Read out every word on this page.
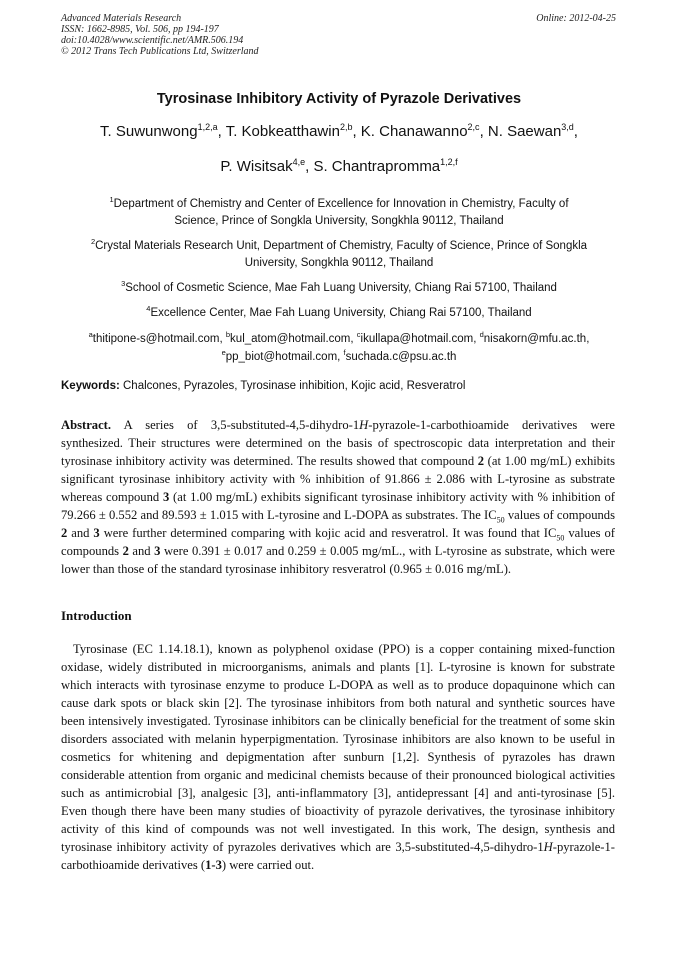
Advanced Materials Research
ISSN: 1662-8985, Vol. 506, pp 194-197
doi:10.4028/www.scientific.net/AMR.506.194
© 2012 Trans Tech Publications Ltd, Switzerland
Online: 2012-04-25
Tyrosinase Inhibitory Activity of Pyrazole Derivatives
T. Suwunwong$^{1,2,a}$, T. Kobkeatthawin$^{2,b}$, K. Chanawanno$^{2,c}$, N. Saewan$^{3,d}$,
P. Wisitsak$^{4,e}$, S. Chantrapromma$^{1,2,f}$
$^1$Department of Chemistry and Center of Excellence for Innovation in Chemistry, Faculty of
Science, Prince of Songkla University, Songkhla 90112, Thailand
$^2$Crystal Materials Research Unit, Department of Chemistry, Faculty of Science, Prince of Songkla
University, Songkhla 90112, Thailand
$^3$School of Cosmetic Science, Mae Fah Luang University, Chiang Rai 57100, Thailand
$^4$Excellence Center, Mae Fah Luang University, Chiang Rai 57100, Thailand
$^a$thitipone-s@hotmail.com, $^b$kul_atom@hotmail.com, $^c$ikullapa@hotmail.com, $^d$nisakorn@mfu.ac.th,
$^e$pp_biot@hotmail.com, $^f$suchada.c@psu.ac.th
Keywords: Chalcones, Pyrazoles, Tyrosinase inhibition, Kojic acid, Resveratrol
Abstract. A series of 3,5-substituted-4,5-dihydro-1H-pyrazole-1-carbothioamide derivatives were synthesized. Their structures were determined on the basis of spectroscopic data interpretation and their tyrosinase inhibitory activity was determined. The results showed that compound 2 (at 1.00 mg/mL) exhibits significant tyrosinase inhibitory activity with % inhibition of 91.866 ± 2.086 with L-tyrosine as substrate whereas compound 3 (at 1.00 mg/mL) exhibits significant tyrosinase inhibitory activity with % inhibition of 79.266 ± 0.552 and 89.593 ± 1.015 with L-tyrosine and L-DOPA as substrates. The $IC_{50}$ values of compounds 2 and 3 were further determined comparing with kojic acid and resveratrol. It was found that $IC_{50}$ values of compounds 2 and 3 were 0.391 ± 0.017 and 0.259 ± 0.005 mg/mL., with L-tyrosine as substrate, which were lower than those of the standard tyrosinase inhibitory resveratrol (0.965 ± 0.016 mg/mL).
Introduction
Tyrosinase (EC 1.14.18.1), known as polyphenol oxidase (PPO) is a copper containing mixed-function oxidase, widely distributed in microorganisms, animals and plants [1]. L-tyrosine is known for substrate which interacts with tyrosinase enzyme to produce L-DOPA as well as to produce dopaquinone which can cause dark spots or black skin [2]. The tyrosinase inhibitors from both natural and synthetic sources have been intensively investigated. Tyrosinase inhibitors can be clinically beneficial for the treatment of some skin disorders associated with melanin hyperpigmentation. Tyrosinase inhibitors are also known to be useful in cosmetics for whitening and depigmentation after sunburn [1,2]. Synthesis of pyrazoles has drawn considerable attention from organic and medicinal chemists because of their pronounced biological activities such as antimicrobial [3], analgesic [3], anti-inflammatory [3], antidepressant [4] and anti-tyrosinase [5]. Even though there have been many studies of bioactivity of pyrazole derivatives, the tyrosinase inhibitory activity of this kind of compounds was not well investigated. In this work, The design, synthesis and tyrosinase inhibitory activity of pyrazoles derivatives which are 3,5-substituted-4,5-dihydro-1H-pyrazole-1-carbothioamide derivatives (1-3) were carried out.
